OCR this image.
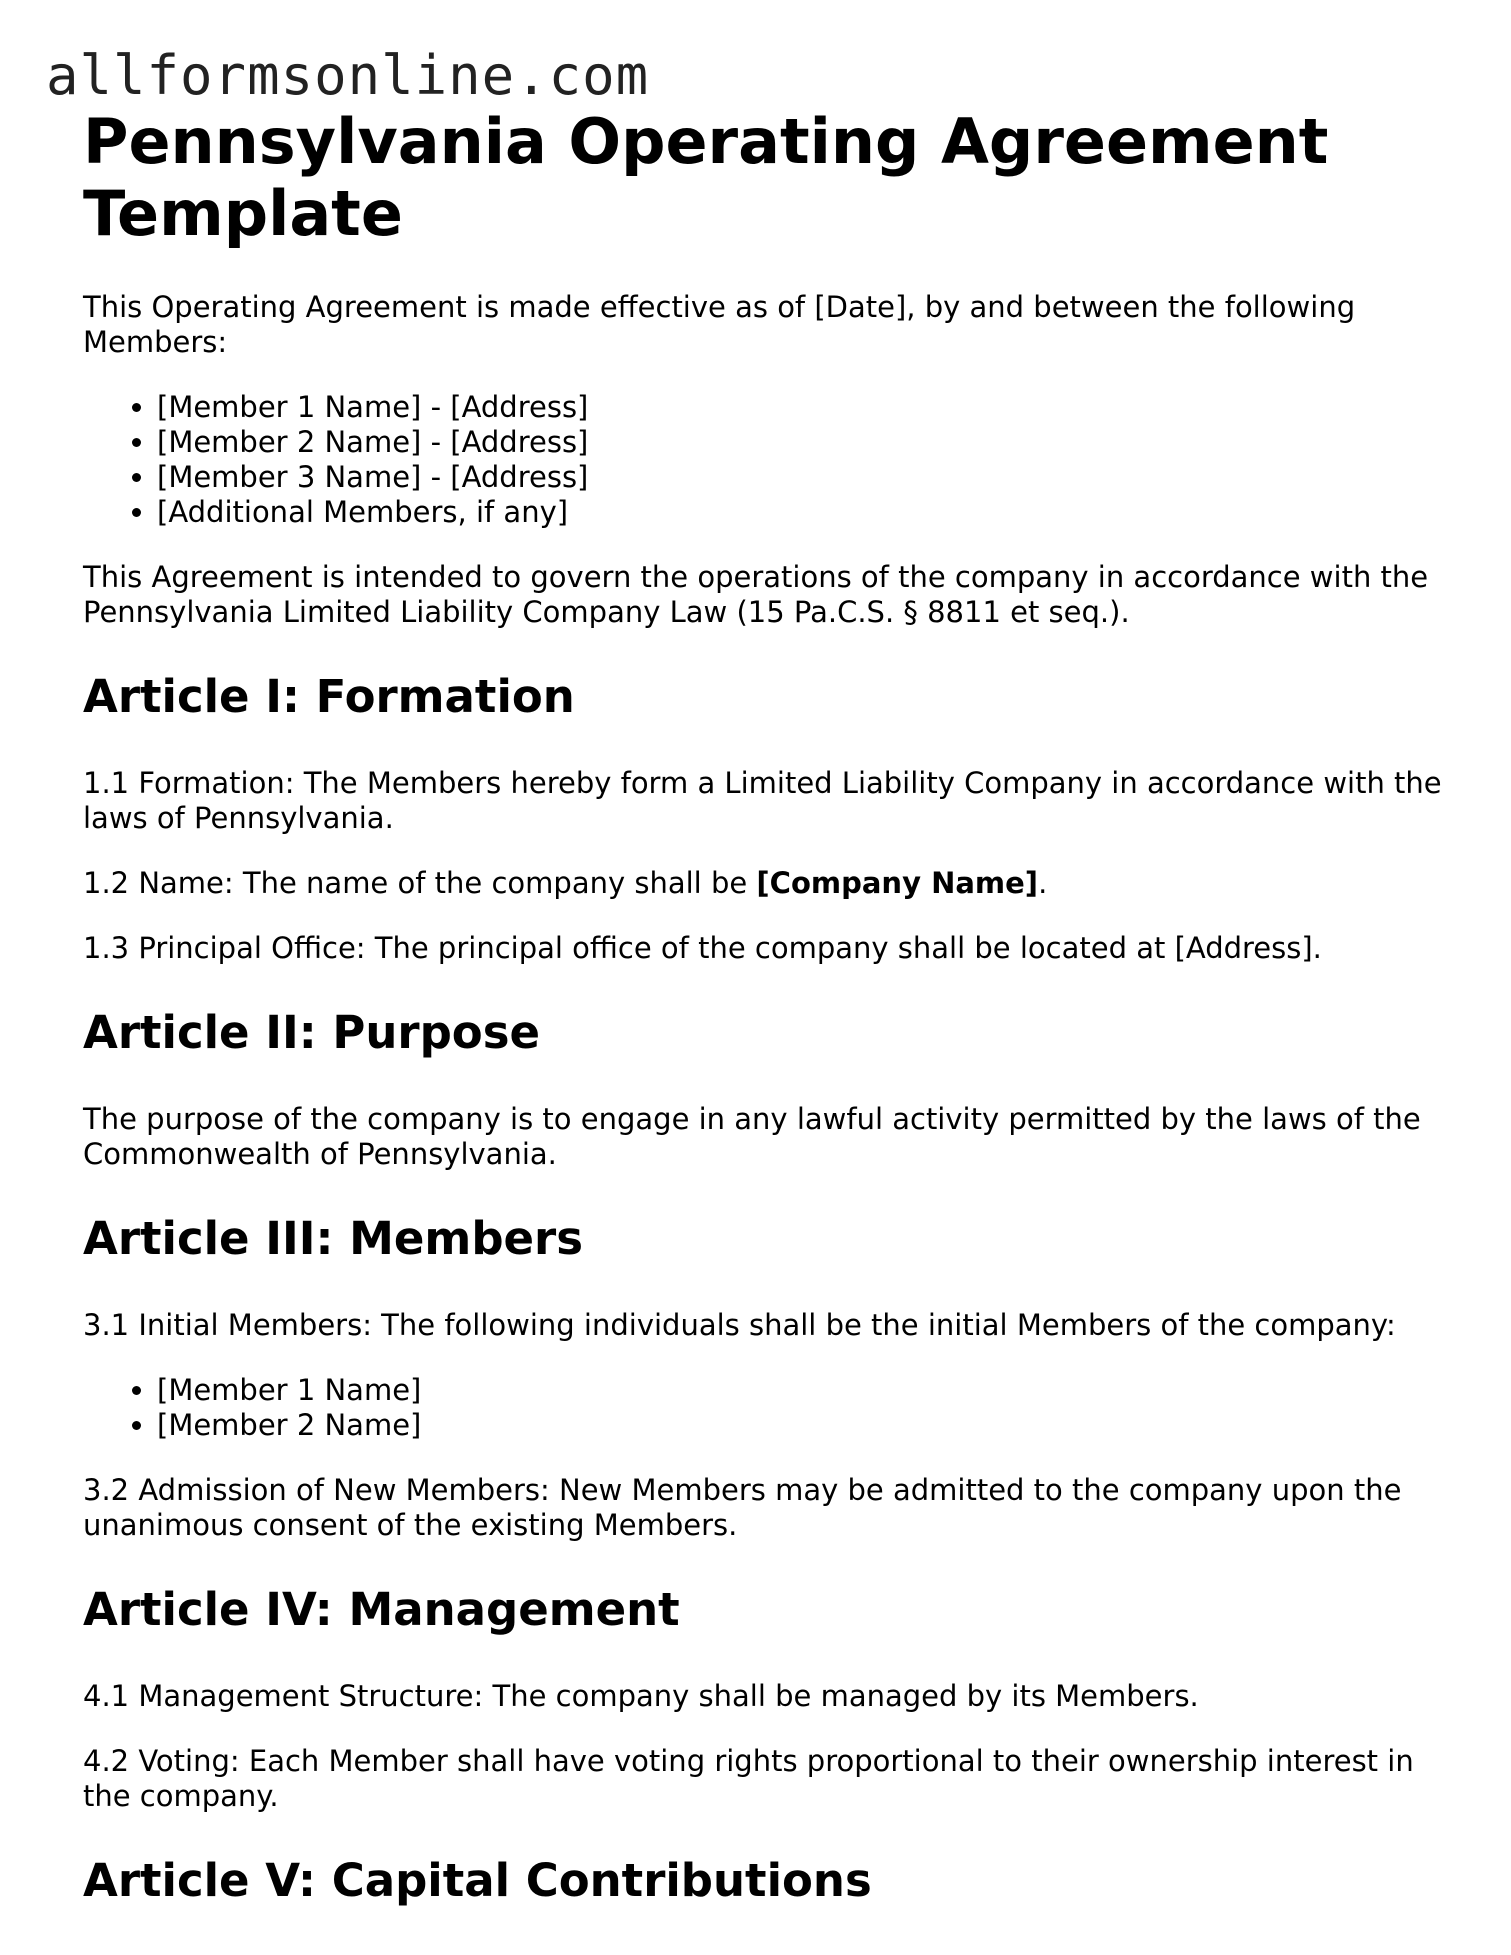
allformsonline.com
Pennsylvania Operating Agreement Template

This Operating Agreement is made effective as of [Date], by and between the following Members:

• [Member 1 Name] - [Address]
• [Member 2 Name] - [Address]
• [Member 3 Name] - [Address]
• [Additional Members, if any]

This Agreement is intended to govern the operations of the company in accordance with the Pennsylvania Limited Liability Company Law (15 Pa.C.S. § 8811 et seq.).

Article I: Formation

1.1 Formation: The Members hereby form a Limited Liability Company in accordance with the laws of Pennsylvania.

1.2 Name: The name of the company shall be [Company Name].

1.3 Principal Office: The principal office of the company shall be located at [Address].

Article II: Purpose

The purpose of the company is to engage in any lawful activity permitted by the laws of the Commonwealth of Pennsylvania.

Article III: Members

3.1 Initial Members: The following individuals shall be the initial Members of the company:

• [Member 1 Name]
• [Member 2 Name]

3.2 Admission of New Members: New Members may be admitted to the company upon the unanimous consent of the existing Members.

Article IV: Management

4.1 Management Structure: The company shall be managed by its Members.

4.2 Voting: Each Member shall have voting rights proportional to their ownership interest in the company.

Article V: Capital Contributions
